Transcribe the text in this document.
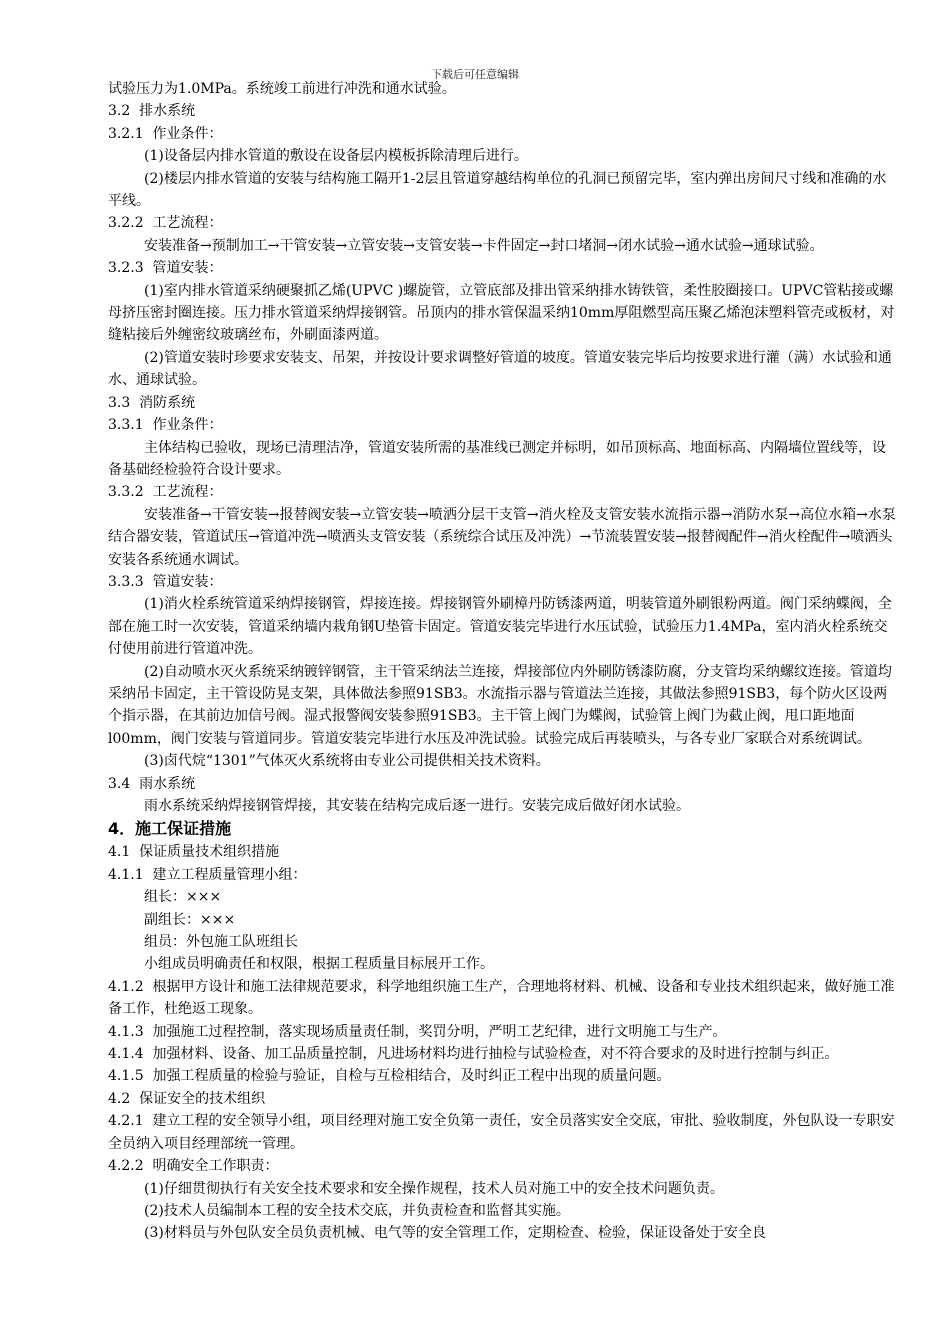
下载后可任意编辑

试验压力为1.0MPa。系统竣工前进行冲洗和通水试验。

3.2  排水系统

3.2.1  作业条件：

(1)设备层内排水管道的敷设在设备层内模板拆除清理后进行。

(2)楼层内排水管道的安装与结构施工隔开1-2层且管道穿越结构单位的孔洞已预留完毕，室内弹出房间尺寸线和准确的水平线。

3.2.2  工艺流程：

安装准备→预制加工→干管安装→立管安装→支管安装→卡件固定→封口堵洞→闭水试验→通水试验→通球试验。

3.2.3  管道安装：

(1)室内排水管道采纳硬聚抓乙烯(UPVC )螺旋管，立管底部及排出管采纳排水铸铁管，柔性胶圈接口。UPVC管粘接或螺母挤压密封圈连接。压力排水管道采纳焊接钢管。吊顶内的排水管保温采纳10mm厚阻燃型高压聚乙烯泡沫塑料管壳或板材，对缝粘接后外缠密纹玻璃丝布，外刷面漆两道。

(2)管道安装时珍要求安装支、吊架，并按设计要求调整好管道的坡度。管道安装完毕后均按要求进行灌（满）水试验和通水、通球试验。

3.3  消防系统

3.3.1  作业条件：

主体结构已验收，现场已清理洁净，管道安装所需的基准线已测定并标明，如吊顶标高、地面标高、内隔墙位置线等，设备基础经检验符合设计要求。

3.3.2  工艺流程：

安装准备→干管安装→报替阀安装→立管安装→喷洒分层干支管→消火栓及支管安装水流指示器→消防水泵→高位水箱→水泵结合器安装，管道试压→管道冲洗→喷洒头支管安装（系统综合试压及冲洗）→节流装置安装→报替阀配件→消火栓配件→喷洒头安装各系统通水调试。

3.3.3  管道安装：

(1)消火栓系统管道采纳焊接钢管，焊接连接。焊接钢管外刷樟丹防锈漆两道，明装管道外刷银粉两道。阀门采纳蝶阀，全部在施工时一次安装，管道采纳墙内栽角钢U垫管卡固定。管道安装完毕进行水压试验，试验压力1.4MPa，室内消火栓系统交付使用前进行管道冲洗。

(2)自动喷水灭火系统采纳镀锌钢管，主干管采纳法兰连接，焊接部位内外刷防锈漆防腐，分支管均采纳螺纹连接。管道均采纳吊卡固定，主干管设防晃支架，具体做法参照91SB3。水流指示器与管道法兰连接，其做法参照91SB3，每个防火区设两个指示器，在其前边加信号阀。湿式报警阀安装参照91SB3。主干管上阀门为蝶阀，试验管上阀门为截止阀，甩口距地面l00mm，阀门安装与管道同步。管道安装完毕进行水压及冲洗试验。试验完成后再装喷头，与各专业厂家联合对系统调试。

(3)卤代烷“1301”气体灭火系统将由专业公司提供相关技术资料。

3.4  雨水系统

雨水系统采纳焊接钢管焊接，其安装在结构完成后逐一进行。安装完成后做好闭水试验。

4．施工保证措施

4.1  保证质量技术组织措施

4.1.1  建立工程质量管理小组：

组长：×××

副组长：×××

组员：外包施工队班组长

小组成员明确责任和权限，根据工程质量目标展开工作。

4.1.2  根据甲方设计和施工法律规范要求，科学地组织施工生产，合理地将材料、机械、设备和专业技术组织起来，做好施工准备工作，杜绝返工现象。

4.1.3  加强施工过程控制，落实现场质量责任制，奖罚分明，严明工艺纪律，进行文明施工与生产。

4.1.4  加强材料、设备、加工品质量控制，凡进场材料均进行抽检与试验检查，对不符合要求的及时进行控制与纠正。

4.1.5  加强工程质量的检验与验证，自检与互检相结合，及时纠正工程中出现的质量问题。

4.2  保证安全的技术组织

4.2.1  建立工程的安全领导小组，项目经理对施工安全负第一责任，安全员落实安全交底，审批、验收制度，外包队设一专职安全员纳入项目经理部统一管理。

4.2.2  明确安全工作职责：

(1)仔细贯彻执行有关安全技术要求和安全操作规程，技术人员对施工中的安全技术问题负责。

(2)技术人员编制本工程的安全技术交底，并负责检查和监督其实施。

(3)材料员与外包队安全员负责机械、电气等的安全管理工作，定期检查、检验，保证设备处于安全良
